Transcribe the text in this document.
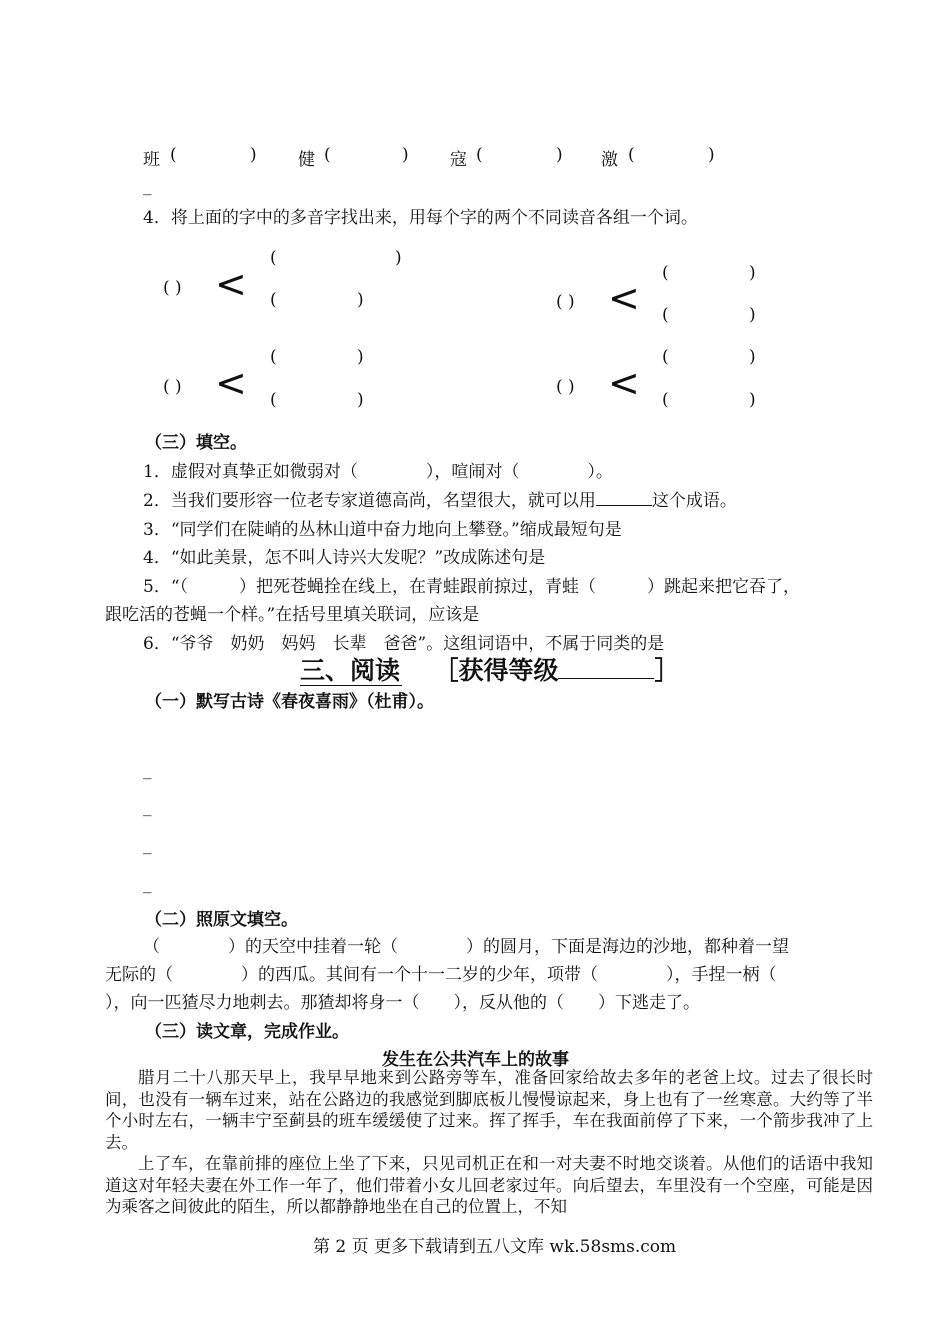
班 (	) 健 (	) 寇 (	) 激 (	)
_
4．将上面的字中的多音字找出来，用每个字的两个不同读音各组一个词。
( ) <
(	)
(	)	( ) <
(	)
(	)
( ) <
(	)
(	)
( ) <
(	)
(	)
（三）填空。
1．虚假对真挚正如微弱对（　　　　），喧闹对（　　　　）。
2．当我们要形容一位老专家道德高尚，名望很大，就可以用	这个成语。
3．“同学们在陡峭的丛林山道中奋力地向上攀登。”缩成最短句是
4．“如此美景，怎不叫人诗兴大发呢？”改成陈述句是
5．“（　　　）把死苍蝇拴在线上，在青蛙跟前掠过，青蛙（　　　）跳起来把它吞了，
跟吃活的苍蝇一个样。”在括号里填关联词，应该是
6．“爷爷　奶奶　妈妈　长辈　爸爸”。这组词语中，不属于同类的是
三、阅读 ［获得等级	］
（一）默写古诗《春夜喜雨》（杜甫）。
_
_
_
_
（二）照原文填空。
（　　　　）的天空中挂着一轮（　　　　）的圆月，下面是海边的沙地，都种着一望
无际的（　　　　）的西瓜。其间有一个十一二岁的少年，项带（　　　　），手捏一柄（
），向一匹猹尽力地刺去。那猹却将身一（　　），反从他的（　　）下逃走了。
（三）读文章，完成作业。
发生在公共汽车上的故事
腊月二十八那天早上，我早早地来到公路旁等车，准备回家给故去多年的老爸上坟。过去了很长时间，也没有一辆车过来，站在公路边的我感觉到脚底板儿慢慢谅起来，身上也有了一丝寒意。大约等了半个小时左右，一辆丰宁至蓟县的班车缓缓使了过来。挥了挥手，车在我面前停了下来，一个箭步我冲了上去。
上了车，在靠前排的座位上坐了下来，只见司机正在和一对夫妻不时地交谈着。从他们的话语中我知道这对年轻夫妻在外工作一年了，他们带着小女儿回老家过年。向后望去，车里没有一个空座，可能是因为乘客之间彼此的陌生，所以都静静地坐在自己的位置上，不知
第 2 页 更多下载请到五八文库 wk.58sms.com
